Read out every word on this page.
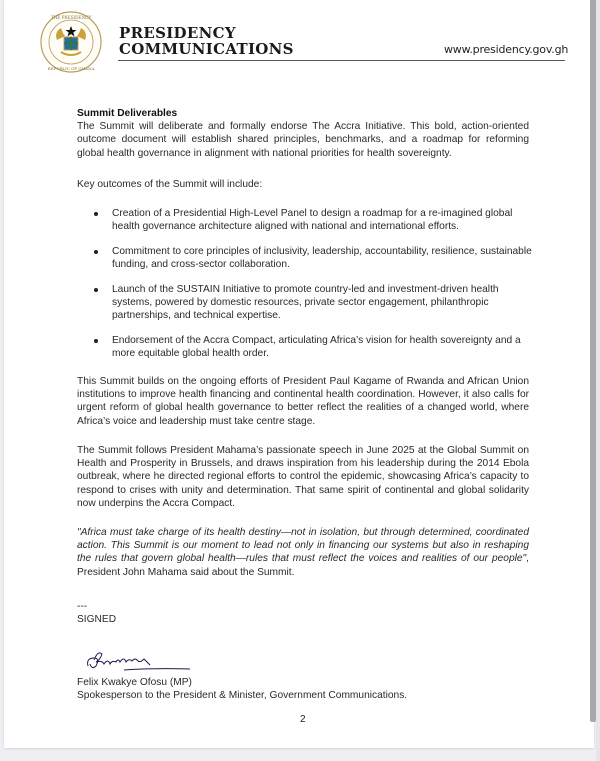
THE PRESIDENCY
REPUBLIC OF GHANA
PRESIDENCY
COMMUNICATIONS	www.presidency.gov.gh
Summit Deliverables
The Summit will deliberate and formally endorse The Accra Initiative. This bold, action-oriented outcome document will establish shared principles, benchmarks, and a roadmap for reforming global health governance in alignment with national priorities for health sovereignty.
Key outcomes of the Summit will include:
Creation of a Presidential High-Level Panel to design a roadmap for a re-imagined global health governance architecture aligned with national and international efforts.
Commitment to core principles of inclusivity, leadership, accountability, resilience, sustainable funding, and cross-sector collaboration.
Launch of the SUSTAIN Initiative to promote country-led and investment-driven health systems, powered by domestic resources, private sector engagement, philanthropic partnerships, and technical expertise.
Endorsement of the Accra Compact, articulating Africa’s vision for health sovereignty and a more equitable global health order.
This Summit builds on the ongoing efforts of President Paul Kagame of Rwanda and African Union institutions to improve health financing and continental health coordination. However, it also calls for urgent reform of global health governance to better reflect the realities of a changed world, where Africa’s voice and leadership must take centre stage.
The Summit follows President Mahama’s passionate speech in June 2025 at the Global Summit on Health and Prosperity in Brussels, and draws inspiration from his leadership during the 2014 Ebola outbreak, where he directed regional efforts to control the epidemic, showcasing Africa’s capacity to respond to crises with unity and determination. That same spirit of continental and global solidarity now underpins the Accra Compact.
"Africa must take charge of its health destiny—not in isolation, but through determined, coordinated action. This Summit is our moment to lead not only in financing our systems but also in reshaping the rules that govern global health—rules that must reflect the voices and realities of our people", President John Mahama said about the Summit.
---
SIGNED
Felix Kwakye Ofosu (MP)
Spokesperson to the President & Minister, Government Communications.
2
